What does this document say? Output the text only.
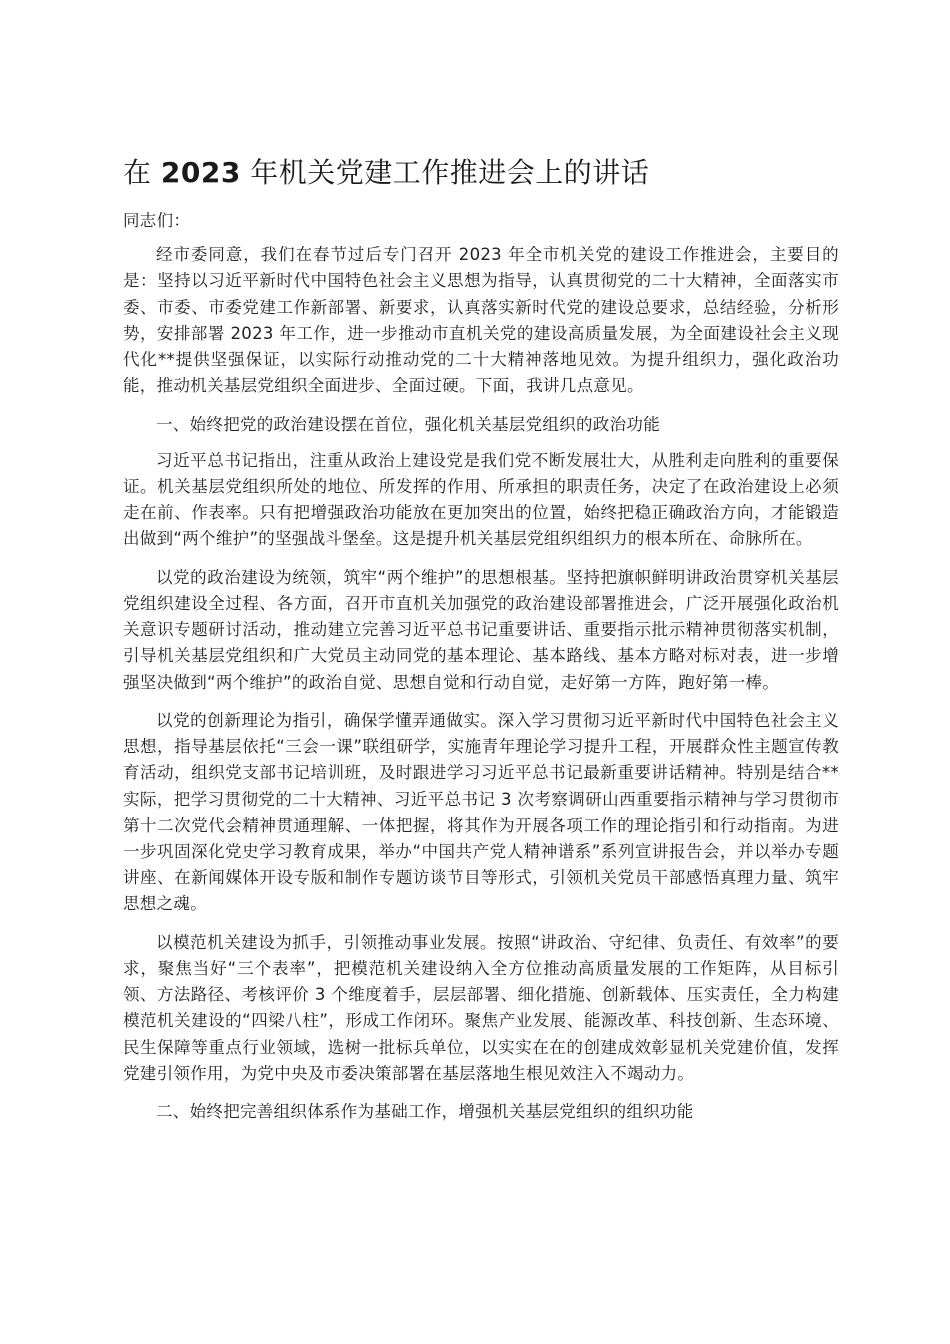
在 2023 年机关党建工作推进会上的讲话

同志们：

经市委同意，我们在春节过后专门召开 2023 年全市机关党的建设工作推进会，主要目的是：坚持以习近平新时代中国特色社会主义思想为指导，认真贯彻党的二十大精神，全面落实市委、市委、市委党建工作新部署、新要求，认真落实新时代党的建设总要求，总结经验，分析形势，安排部署 2023 年工作，进一步推动市直机关党的建设高质量发展，为全面建设社会主义现代化**提供坚强保证，以实际行动推动党的二十大精神落地见效。为提升组织力，强化政治功能，推动机关基层党组织全面进步、全面过硬。下面，我讲几点意见。

一、始终把党的政治建设摆在首位，强化机关基层党组织的政治功能

习近平总书记指出，注重从政治上建设党是我们党不断发展壮大，从胜利走向胜利的重要保证。机关基层党组织所处的地位、所发挥的作用、所承担的职责任务，决定了在政治建设上必须走在前、作表率。只有把增强政治功能放在更加突出的位置，始终把稳正确政治方向，才能锻造出做到“两个维护”的坚强战斗堡垒。这是提升机关基层党组织组织力的根本所在、命脉所在。

以党的政治建设为统领，筑牢“两个维护”的思想根基。坚持把旗帜鲜明讲政治贯穿机关基层党组织建设全过程、各方面，召开市直机关加强党的政治建设部署推进会，广泛开展强化政治机关意识专题研讨活动，推动建立完善习近平总书记重要讲话、重要指示批示精神贯彻落实机制，引导机关基层党组织和广大党员主动同党的基本理论、基本路线、基本方略对标对表，进一步增强坚决做到“两个维护”的政治自觉、思想自觉和行动自觉，走好第一方阵，跑好第一棒。

以党的创新理论为指引，确保学懂弄通做实。深入学习贯彻习近平新时代中国特色社会主义思想，指导基层依托“三会一课”联组研学，实施青年理论学习提升工程，开展群众性主题宣传教育活动，组织党支部书记培训班，及时跟进学习习近平总书记最新重要讲话精神。特别是结合**实际，把学习贯彻党的二十大精神、习近平总书记 3 次考察调研山西重要指示精神与学习贯彻市第十二次党代会精神贯通理解、一体把握，将其作为开展各项工作的理论指引和行动指南。为进一步巩固深化党史学习教育成果，举办“中国共产党人精神谱系”系列宣讲报告会，并以举办专题讲座、在新闻媒体开设专版和制作专题访谈节目等形式，引领机关党员干部感悟真理力量、筑牢思想之魂。

以模范机关建设为抓手，引领推动事业发展。按照“讲政治、守纪律、负责任、有效率”的要求，聚焦当好“三个表率”，把模范机关建设纳入全方位推动高质量发展的工作矩阵，从目标引领、方法路径、考核评价 3 个维度着手，层层部署、细化措施、创新载体、压实责任，全力构建模范机关建设的“四梁八柱”，形成工作闭环。聚焦产业发展、能源改革、科技创新、生态环境、民生保障等重点行业领域，选树一批标兵单位，以实实在在的创建成效彰显机关党建价值，发挥党建引领作用，为党中央及市委决策部署在基层落地生根见效注入不竭动力。

二、始终把完善组织体系作为基础工作，增强机关基层党组织的组织功能
